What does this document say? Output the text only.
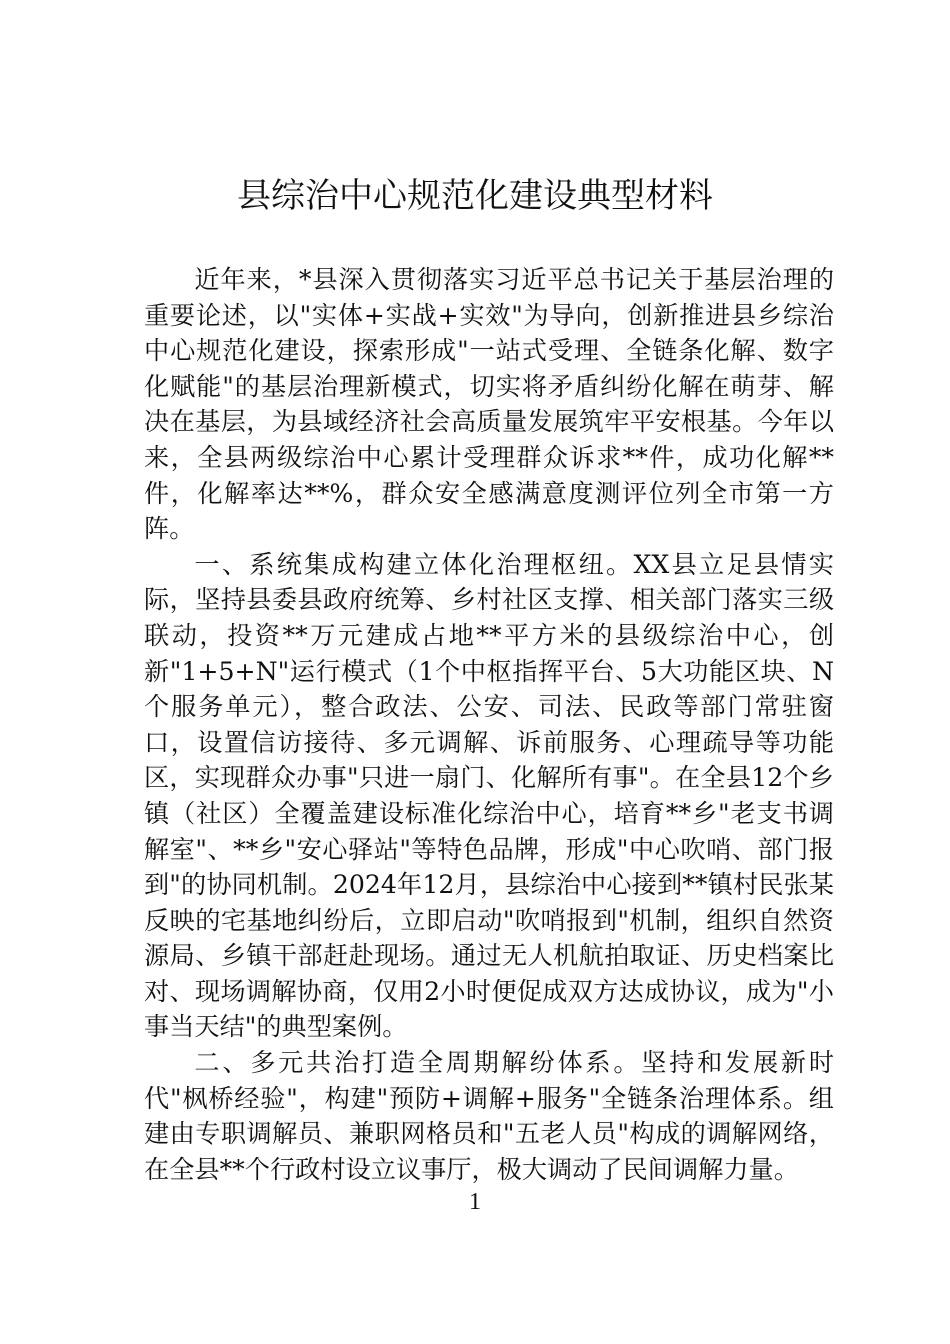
县综治中心规范化建设典型材料

近年来，*县深入贯彻落实习近平总书记关于基层治理的重要论述，以"实体+实战+实效"为导向，创新推进县乡综治中心规范化建设，探索形成"一站式受理、全链条化解、数字化赋能"的基层治理新模式，切实将矛盾纠纷化解在萌芽、解决在基层，为县域经济社会高质量发展筑牢平安根基。今年以来，全县两级综治中心累计受理群众诉求**件，成功化解**件，化解率达**%，群众安全感满意度测评位列全市第一方阵。

一、系统集成构建立体化治理枢纽。XX县立足县情实际，坚持县委县政府统筹、乡村社区支撑、相关部门落实三级联动，投资**万元建成占地**平方米的县级综治中心，创新"1+5+N"运行模式（1个中枢指挥平台、5大功能区块、N个服务单元），整合政法、公安、司法、民政等部门常驻窗口，设置信访接待、多元调解、诉前服务、心理疏导等功能区，实现群众办事"只进一扇门、化解所有事"。在全县12个乡镇（社区）全覆盖建设标准化综治中心，培育**乡"老支书调解室"、**乡"安心驿站"等特色品牌，形成"中心吹哨、部门报到"的协同机制。2024年12月，县综治中心接到**镇村民张某反映的宅基地纠纷后，立即启动"吹哨报到"机制，组织自然资源局、乡镇干部赶赴现场。通过无人机航拍取证、历史档案比对、现场调解协商，仅用2小时便促成双方达成协议，成为"小事当天结"的典型案例。

二、多元共治打造全周期解纷体系。坚持和发展新时代"枫桥经验"，构建"预防+调解+服务"全链条治理体系。组建由专职调解员、兼职网格员和"五老人员"构成的调解网络，在全县**个行政村设立议事厅，极大调动了民间调解力量。

1
